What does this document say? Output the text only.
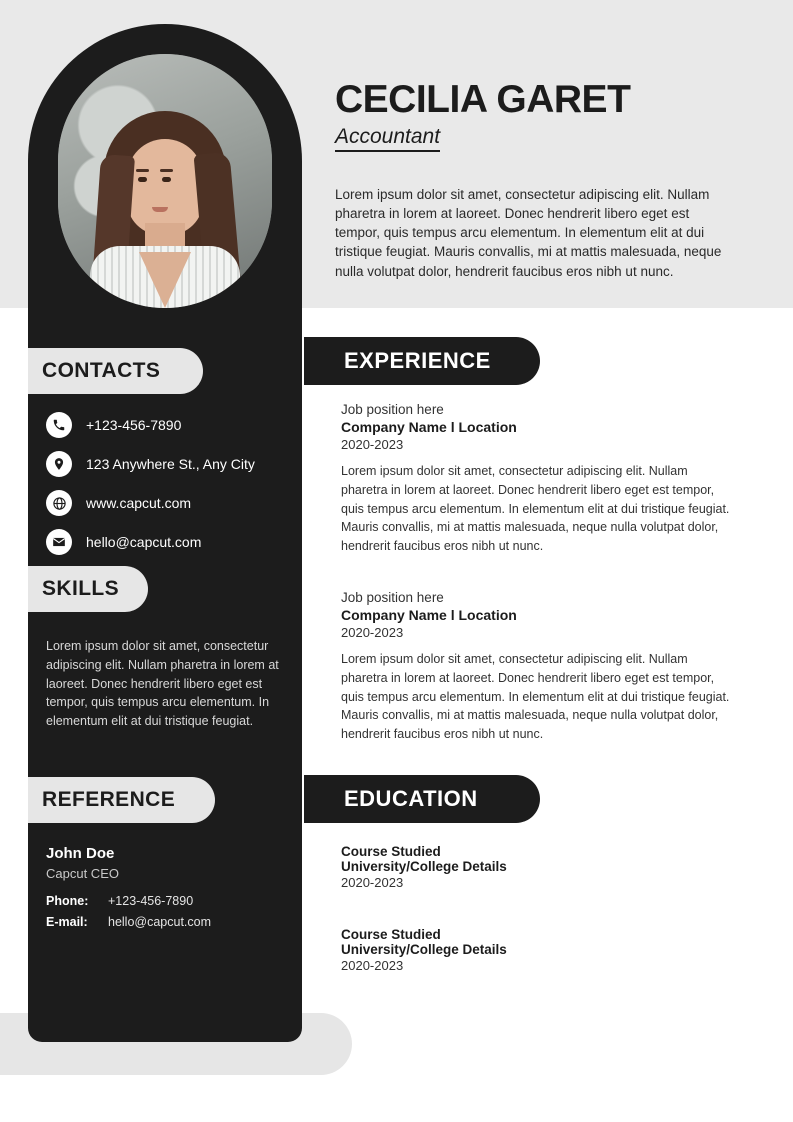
CECILIA GARET
Accountant
Lorem ipsum dolor sit amet, consectetur adipiscing elit. Nullam pharetra in lorem at laoreet. Donec hendrerit libero eget est tempor, quis tempus arcu elementum. In elementum elit at dui tristique feugiat. Mauris convallis, mi at mattis malesuada, neque nulla volutpat dolor, hendrerit faucibus eros nibh ut nunc.
CONTACTS
+123-456-7890
123 Anywhere St., Any City
www.capcut.com
hello@capcut.com
SKILLS
Lorem ipsum dolor sit amet, consectetur adipiscing elit. Nullam pharetra in lorem at laoreet. Donec hendrerit libero eget est tempor, quis tempus arcu elementum. In elementum elit at dui tristique feugiat.
REFERENCE
John Doe
Capcut CEO
Phone:	+123-456-7890
E-mail:	hello@capcut.com
EXPERIENCE
Job position here
Company Name l Location
2020-2023
Lorem ipsum dolor sit amet, consectetur adipiscing elit. Nullam pharetra in lorem at laoreet. Donec hendrerit libero eget est tempor, quis tempus arcu elementum. In elementum elit at dui tristique feugiat. Mauris convallis, mi at mattis malesuada, neque nulla volutpat dolor, hendrerit faucibus eros nibh ut nunc.
Job position here
Company Name l Location
2020-2023
Lorem ipsum dolor sit amet, consectetur adipiscing elit. Nullam pharetra in lorem at laoreet. Donec hendrerit libero eget est tempor, quis tempus arcu elementum. In elementum elit at dui tristique feugiat. Mauris convallis, mi at mattis malesuada, neque nulla volutpat dolor, hendrerit faucibus eros nibh ut nunc.
EDUCATION
Course Studied
University/College Details
2020-2023
Course Studied
University/College Details
2020-2023
